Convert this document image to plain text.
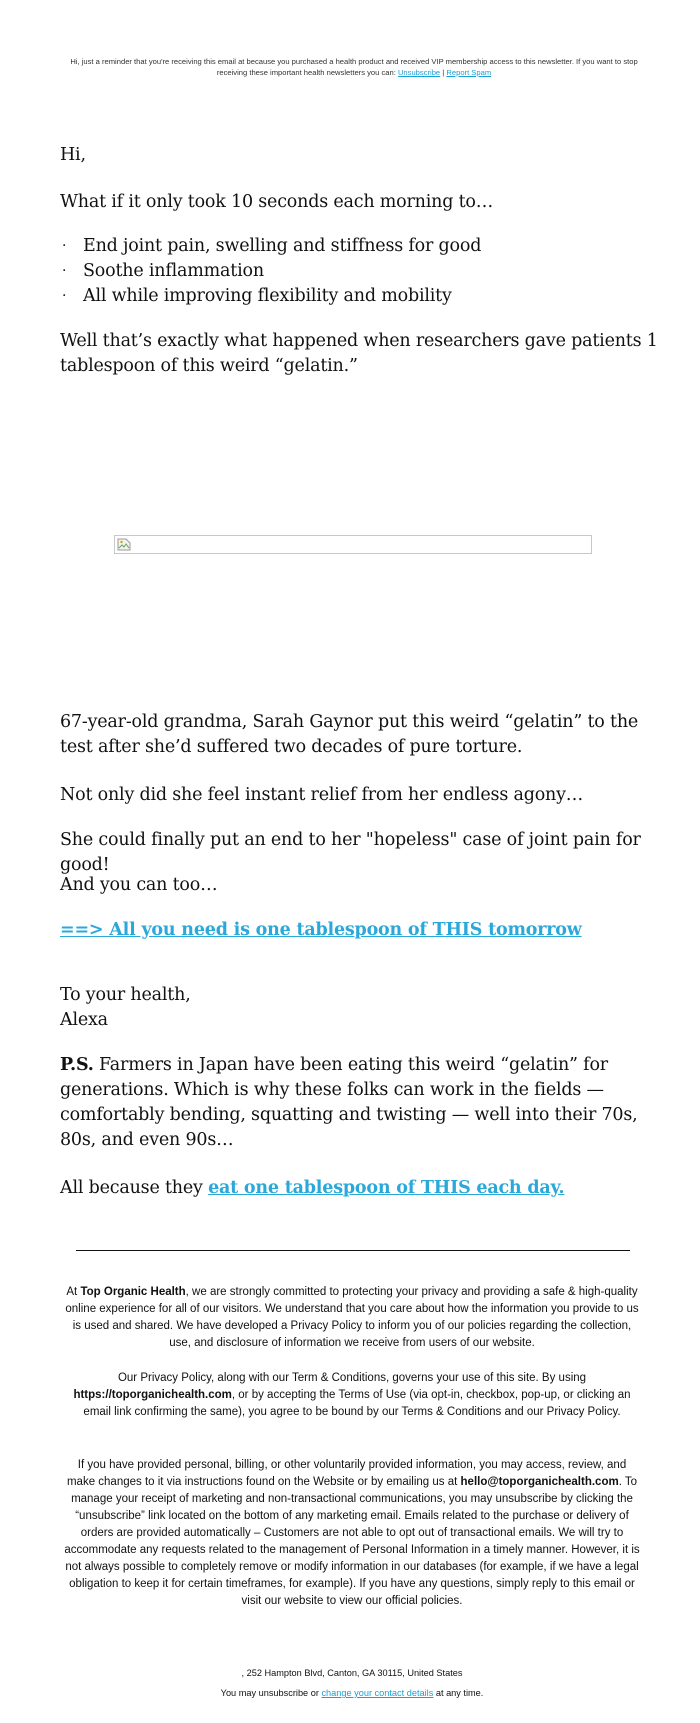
Hi, just a reminder that you're receiving this email at because you purchased a health product and received VIP membership access to this newsletter. If you want to stop receiving these important health newsletters you can: Unsubscribe | Report Spam

Hi,

What if it only took 10 seconds each morning to…

· End joint pain, swelling and stiffness for good
· Soothe inflammation
· All while improving flexibility and mobility

Well that’s exactly what happened when researchers gave patients 1 tablespoon of this weird “gelatin.”

67-year-old grandma, Sarah Gaynor put this weird “gelatin” to the test after she’d suffered two decades of pure torture.

Not only did she feel instant relief from her endless agony…

She could finally put an end to her "hopeless" case of joint pain for good!

And you can too…

==> All you need is one tablespoon of THIS tomorrow

To your health,

Alexa

P.S. Farmers in Japan have been eating this weird “gelatin” for generations. Which is why these folks can work in the fields — comfortably bending, squatting and twisting — well into their 70s, 80s, and even 90s…

All because they eat one tablespoon of THIS each day.

At Top Organic Health, we are strongly committed to protecting your privacy and providing a safe & high-quality online experience for all of our visitors. We understand that you care about how the information you provide to us is used and shared. We have developed a Privacy Policy to inform you of our policies regarding the collection, use, and disclosure of information we receive from users of our website.

Our Privacy Policy, along with our Term & Conditions, governs your use of this site. By using https://toporganichealth.com, or by accepting the Terms of Use (via opt-in, checkbox, pop-up, or clicking an email link confirming the same), you agree to be bound by our Terms & Conditions and our Privacy Policy.

If you have provided personal, billing, or other voluntarily provided information, you may access, review, and make changes to it via instructions found on the Website or by emailing us at hello@toporganichealth.com. To manage your receipt of marketing and non-transactional communications, you may unsubscribe by clicking the “unsubscribe” link located on the bottom of any marketing email. Emails related to the purchase or delivery of orders are provided automatically – Customers are not able to opt out of transactional emails. We will try to accommodate any requests related to the management of Personal Information in a timely manner. However, it is not always possible to completely remove or modify information in our databases (for example, if we have a legal obligation to keep it for certain timeframes, for example). If you have any questions, simply reply to this email or visit our website to view our official policies.

, 252 Hampton Blvd, Canton, GA 30115, United States

You may unsubscribe or change your contact details at any time.
